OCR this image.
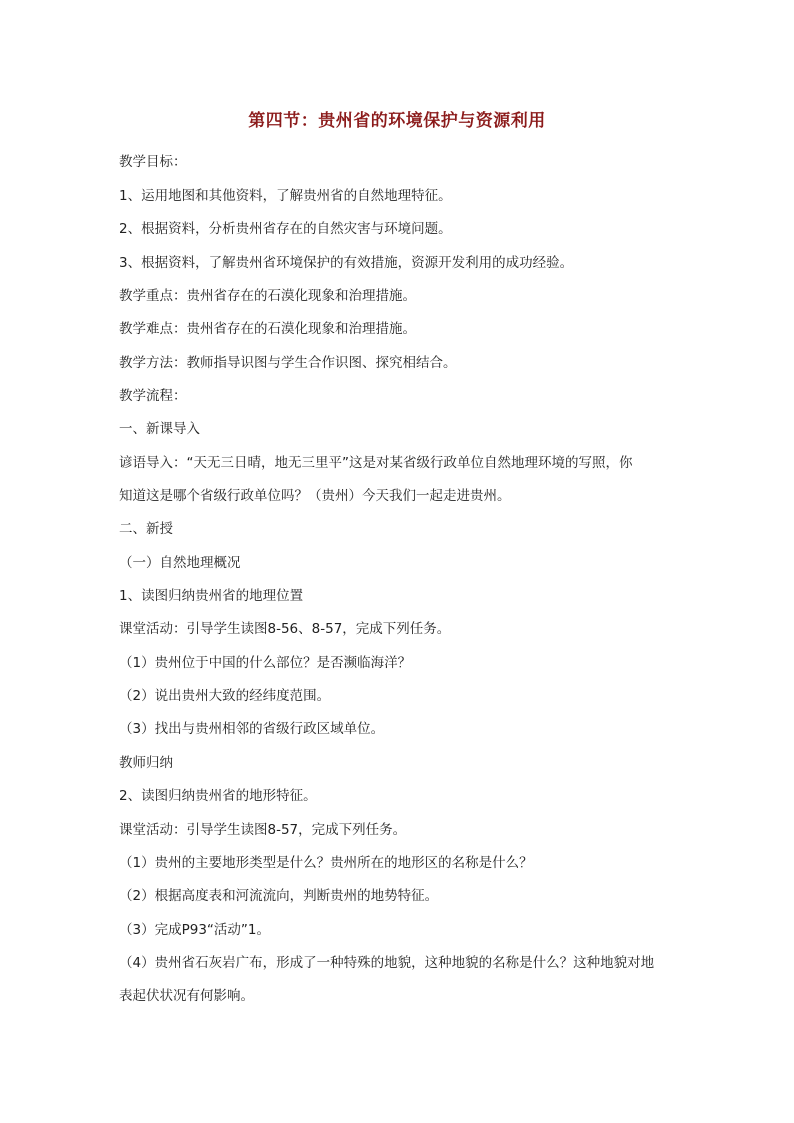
第四节：贵州省的环境保护与资源利用
教学目标：
1、运用地图和其他资料，了解贵州省的自然地理特征。
2、根据资料，分析贵州省存在的自然灾害与环境问题。
3、根据资料，了解贵州省环境保护的有效措施，资源开发利用的成功经验。
教学重点：贵州省存在的石漠化现象和治理措施。
教学难点：贵州省存在的石漠化现象和治理措施。
教学方法：教师指导识图与学生合作识图、探究相结合。
教学流程：
一、新课导入
谚语导入：“天无三日晴，地无三里平”这是对某省级行政单位自然地理环境的写照，你
知道这是哪个省级行政单位吗？（贵州）今天我们一起走进贵州。
二、新授
（一）自然地理概况
1、读图归纳贵州省的地理位置
课堂活动：引导学生读图8-56、8-57，完成下列任务。
（1）贵州位于中国的什么部位？是否濒临海洋？
（2）说出贵州大致的经纬度范围。
（3）找出与贵州相邻的省级行政区域单位。
教师归纳
2、读图归纳贵州省的地形特征。
课堂活动：引导学生读图8-57，完成下列任务。
（1）贵州的主要地形类型是什么？贵州所在的地形区的名称是什么？
（2）根据高度表和河流流向，判断贵州的地势特征。
（3）完成P93“活动”1。
（4）贵州省石灰岩广布，形成了一种特殊的地貌，这种地貌的名称是什么？这种地貌对地
表起伏状况有何影响。
